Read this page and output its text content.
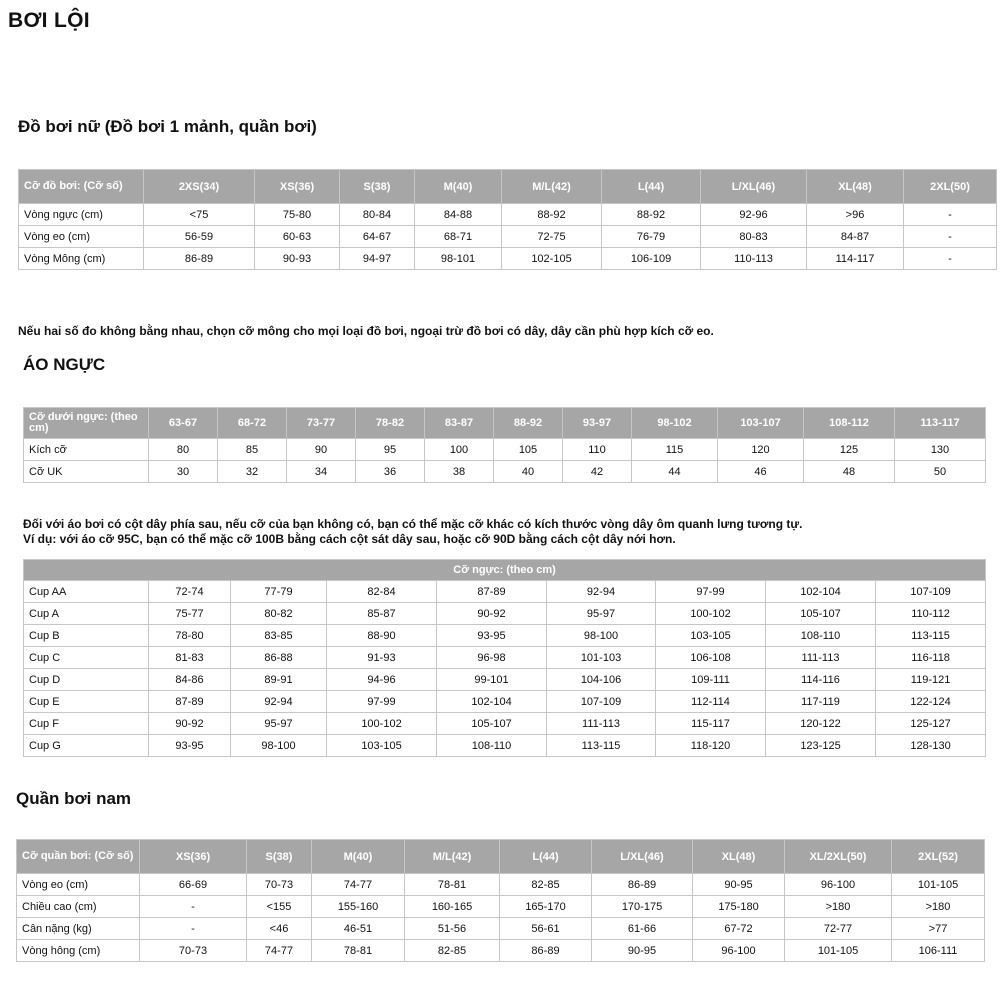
BƠI LỘI
Đồ bơi nữ (Đồ bơi 1 mảnh, quần bơi)
Cỡ đồ bơi: (Cỡ số)	2XS(34)	XS(36)	S(38)	M(40)	M/L(42)	L(44)	L/XL(46)	XL(48)	2XL(50)
Vòng ngực (cm)	<75	75-80	80-84	84-88	88-92	88-92	92-96	>96	-
Vòng eo (cm)	56-59	60-63	64-67	68-71	72-75	76-79	80-83	84-87	-
Vòng Mông (cm)	86-89	90-93	94-97	98-101	102-105	106-109	110-113	114-117	-
Nếu hai số đo không bằng nhau, chọn cỡ mông cho mọi loại đồ bơi, ngoại trừ đồ bơi có dây, dây cần phù hợp kích cỡ eo.
ÁO NGỰC
Cỡ dưới ngực: (theo cm)	63-67	68-72	73-77	78-82	83-87	88-92	93-97	98-102	103-107	108-112	113-117
Kích cỡ	80	85	90	95	100	105	110	115	120	125	130
Cỡ UK	30	32	34	36	38	40	42	44	46	48	50
Đối với áo bơi có cột dây phía sau, nếu cỡ của bạn không có, bạn có thể mặc cỡ khác có kích thước vòng dây ôm quanh lưng tương tự.
Ví dụ: với áo cỡ 95C, bạn có thể mặc cỡ 100B bằng cách cột sát dây sau, hoặc cỡ 90D bằng cách cột dây nới hơn.
Cỡ ngực: (theo cm)								
Cup AA	72-74	77-79	82-84	87-89	92-94	97-99	102-104	107-109
Cup A	75-77	80-82	85-87	90-92	95-97	100-102	105-107	110-112
Cup B	78-80	83-85	88-90	93-95	98-100	103-105	108-110	113-115
Cup C	81-83	86-88	91-93	96-98	101-103	106-108	111-113	116-118
Cup D	84-86	89-91	94-96	99-101	104-106	109-111	114-116	119-121
Cup E	87-89	92-94	97-99	102-104	107-109	112-114	117-119	122-124
Cup F	90-92	95-97	100-102	105-107	111-113	115-117	120-122	125-127
Cup G	93-95	98-100	103-105	108-110	113-115	118-120	123-125	128-130
Quần bơi nam
Cỡ quần bơi: (Cỡ số)	XS(36)	S(38)	M(40)	M/L(42)	L(44)	L/XL(46)	XL(48)	XL/2XL(50)	2XL(52)
Vòng eo (cm)	66-69	70-73	74-77	78-81	82-85	86-89	90-95	96-100	101-105
Chiều cao (cm)	-	<155	155-160	160-165	165-170	170-175	175-180	>180	>180
Cân nặng (kg)	-	<46	46-51	51-56	56-61	61-66	67-72	72-77	>77
Vòng hông (cm)	70-73	74-77	78-81	82-85	86-89	90-95	96-100	101-105	106-111
